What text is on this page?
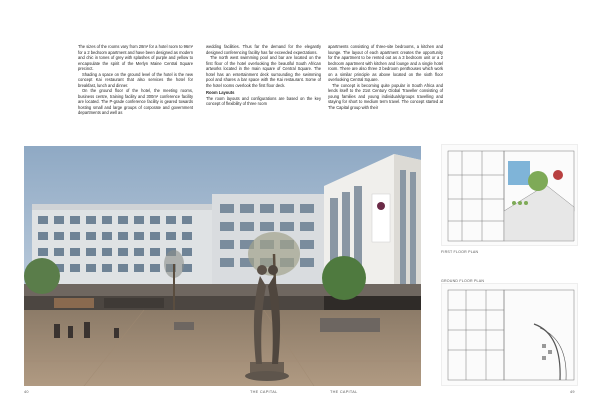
The sizes of the rooms vary from 28m² for a hotel room to 96m² for a 2 bedroom apartment and have been designed as modern and chic in tones of grey with splashes of purple and yellow to encapsulate the spirit of the Merlyn Maine Central Square precinct.

Shading a space on the ground level of the hotel is the new concept Kai restaurant that also services the hotel for breakfast, lunch and dinner.

On the ground floor of the hotel, the meeting rooms, business centre, training facility and 300m² conference facility are located. The P-grade conference facility is geared towards hosting small and large groups of corporate and government departments and well as

wedding facilities. Thus far the demand for the elegantly designed conferencing facility has far exceeded expectations.

The north west swimming pool and bar are located on the first floor of the hotel overlooking the beautiful South African artworks located in the main square of Central Square. The hotel has an entertainment deck surrounding the swimming pool and shares a bar space with the Kai restaurant. Some of the hotel rooms overlook the first floor deck.

Room Layouts

The room layouts and configurations are based on the key concept of flexibility of three room

apartments consisting of three-site bedrooms, a kitchen and lounge. The layout of each apartment creates the opportunity for the apartment to be rented out as a 3 bedroom unit or a 2 bedroom apartment with kitchen and lounge and a single hotel room. There are also three 3 bedroom penthouses which work on a similar principle as above located on the sixth floor overlooking Central Square.

The concept is becoming quite popular in South Africa and lends itself to the 21st Century Global Traveller consisting of young families and young individuals/groups travelling and staying for short to medium term travel. The concept started at The Capital group with their

FIRST FLOOR PLAN
GROUND FLOOR PLAN
40	THE CAPITAL	THE CAPITAL	49
